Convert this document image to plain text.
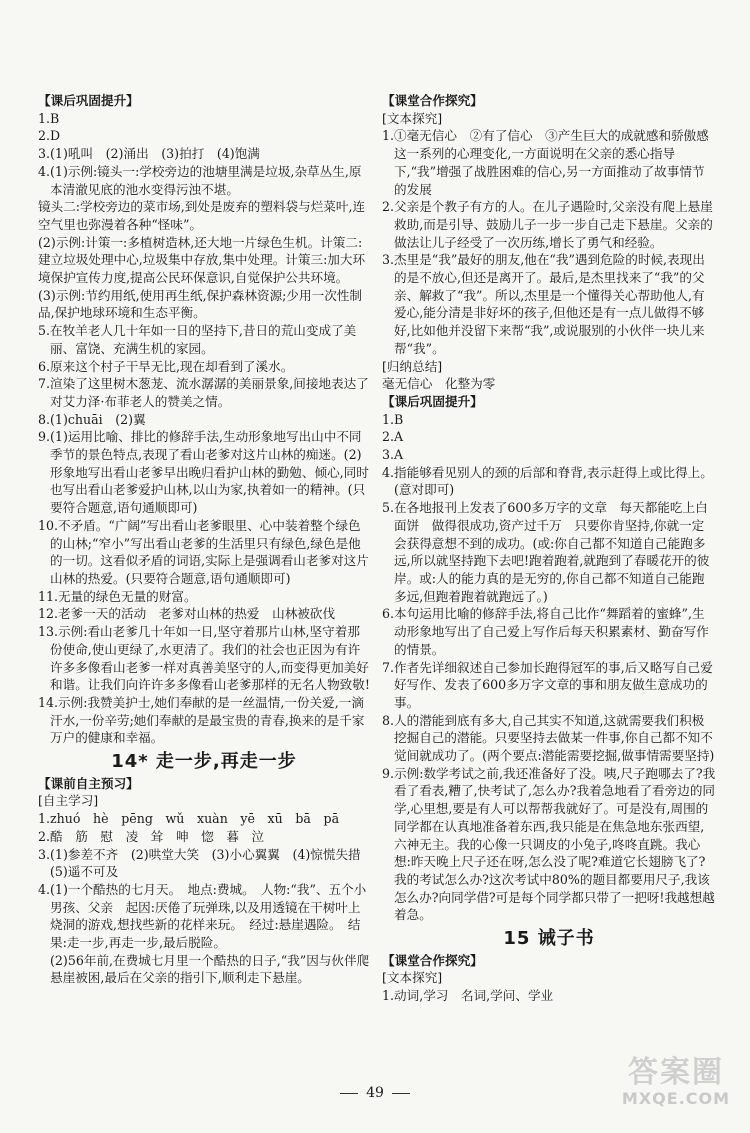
【 课后巩固提升 】

1.B

2.D

3.(1)吼叫　(2)涌出　(3)拍打　(4)饱满

4.(1)示例:镜头一:学校旁边的池塘里满是垃圾,杂草丛生,原本清澈见底的池水变得污浊不堪。

镜头二:学校旁边的菜市场,到处是废弃的塑料袋与烂菜叶,连空气里也弥漫着各种“怪味”。

(2)示例:计策一:多植树造林,还大地一片绿色生机。计策二:建立垃圾处理中心,垃圾集中存放,集中处理。计策三:加大环境保护宣传力度,提高公民环保意识,自觉保护公共环境。

(3)示例:节约用纸,使用再生纸,保护森林资源;少用一次性制品,保护地球环境和生态平衡。

5.在牧羊老人几十年如一日的坚持下,昔日的荒山变成了美丽、富饶、充满生机的家园。

6.原来这个村子干旱无比,现在却看到了溪水。

7.渲染了这里树木葱茏、流水潺潺的美丽景象,间接地表达了对艾力泽·布菲老人的赞美之情。

8.(1)chuāi　(2)翼

9.(1)运用比喻、排比的修辞手法,生动形象地写出山中不同季节的景色特点,表现了看山老爹对这片山林的痴迷。(2)形象地写出看山老爹早出晚归看护山林的勤勉、倾心,同时也写出看山老爹爱护山林,以山为家,执着如一的精神。(只要符合题意,语句通顺即可)

10.不矛盾。“广阔”写出看山老爹眼里、心中装着整个绿色的山林;“窄小”写出看山老爹的生活里只有绿色,绿色是他的一切。这看似矛盾的词语,实际上是强调看山老爹对这片山林的热爱。(只要符合题意,语句通顺即可)

11.无量的绿色无量的财富。

12.老爹一天的活动　老爹对山林的热爱　山林被砍伐

13.示例:看山老爹几十年如一日,坚守着那片山林,坚守着那份使命,使山更绿了,水更清了。我们的社会也正因为有许许多多像看山老爹一样对真善美坚守的人,而变得更加美好和谐。让我们向许许多多像看山老爹那样的无名人物致敬!

14.示例:我赞美护士,她们奉献的是一丝温情,一份关爱,一滴汗水,一份辛劳;她们奉献的是最宝贵的青春,换来的是千家万户的健康和幸福。

14* 走一步,再走一步
【 课前自主预习 】
[ 自主学习 ]

1.zhuó　hè　pēng　wǔ　xuàn　yē　xū　bā　pā

2.酷　筋　慰　凌　耸　呻　惚　暮　泣

3.(1)参差不齐　(2)哄堂大笑　(3)小心翼翼　(4)惊慌失措　(5)遥不可及

4.(1)一个酷热的七月天。　地点:费城。　人物:“我”、五个小男孩、父亲　起因:厌倦了玩弹珠,以及用透镜在干树叶上烧洞的游戏,想找些新的花样来玩。　经过:悬崖遇险。　结果:走一步,再走一步,最后脱险。

(2)56年前,在费城七月里一个酷热的日子,“我”因与伙伴爬悬崖被困,最后在父亲的指引下,顺利走下悬崖。

【 课堂合作探究 】
[ 文本探究 ]

1.①毫无信心　②有了信心　③产生巨大的成就感和骄傲感　这一系列的心理变化,一方面说明在父亲的悉心指导下,“我”增强了战胜困难的信心,另一方面推动了故事情节的发展

2.父亲是个教子有方的人。在儿子遇险时,父亲没有爬上悬崖救助,而是引导、鼓励儿子一步一步自己走下悬崖。父亲的做法让儿子经受了一次历练,增长了勇气和经验。

3.杰里是“我”最好的朋友,他在“我”遇到危险的时候,表现出的是不放心,但还是离开了。最后,是杰里找来了“我”的父亲、解救了“我”。所以,杰里是一个懂得关心帮助他人,有爱心,能分清是非好坏的孩子,但他还是有一点儿做得不够好,比如他并没留下来帮“我”,或说服别的小伙伴一块儿来帮“我”。

[ 归纳总结 ]

毫无信心　化整为零

【 课后巩固提升 】

1.B

2.A

3.A

4.指能够看见别人的颈的后部和脊背,表示赶得上或比得上。(意对即可)

5.在各地报刊上发表了600多万字的文章　每天都能吃上白面饼　做得很成功,资产过千万　只要你肯坚持,你就一定会获得意想不到的成功。(或:你自己都不知道自己能跑多远,所以就坚持跑下去吧!跑着跑着,就跑到了春暖花开的彼岸。或:人的能力真的是无穷的,你自己都不知道自己能跑多远,但跑着跑着就跑远了。)

6.本句运用比喻的修辞手法,将自己比作“舞蹈着的蜜蜂”,生动形象地写出了自己爱上写作后每天积累素材、勤奋写作的情景。

7.作者先详细叙述自己参加长跑得冠军的事,后又略写自己爱好写作、发表了600多万字文章的事和朋友做生意成功的事。

8.人的潜能到底有多大,自己其实不知道,这就需要我们积极挖掘自己的潜能。只要坚持去做某一件事,你自己都不知不觉间就成功了。(两个要点:潜能需要挖掘,做事情需要坚持)

9.示例:数学考试之前,我还准备好了没。咦,尺子跑哪去了?我看了看表,糟了,快考试了,怎么办?我着急地看了看旁边的同学,心里想,要是有人可以帮帮我就好了。可是没有,周围的同学都在认真地准备着东西,我只能是在焦急地东张西望,六神无主。我的心像一只调皮的小兔子,咚咚直跳。我心想:昨天晚上尺子还在呀,怎么没了呢?难道它长翅膀飞了?我的考试怎么办?这次考试中80%的题目都要用尺子,我该怎么办?向同学借?可是每个同学都只带了一把呀!我越想越着急。

15 诫子书
【 课堂合作探究 】
[ 文本探究 ]

1.动词,学习　名词,学问、学业

49
答案圈
MXQE.COM
